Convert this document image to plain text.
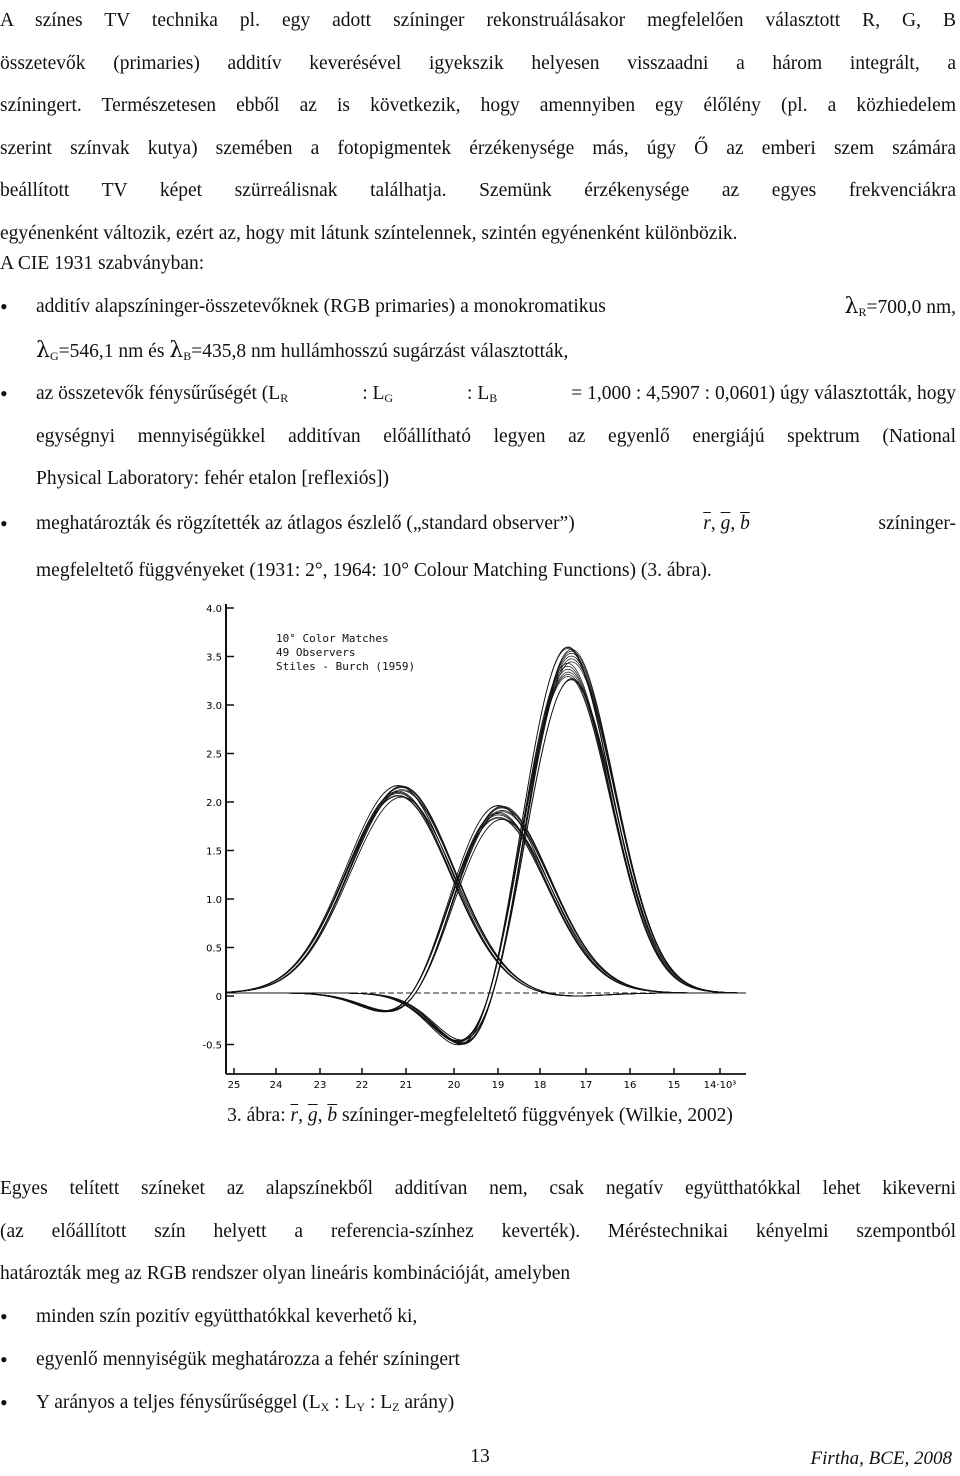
A színes TV technika pl. egy adott színinger rekonstruálásakor megfelelően választott R, G, B
összetevők (primaries) additív keverésével igyekszik helyesen visszaadni a három integrált, a
színingert. Természetesen ebből az is következik, hogy amennyiben egy élőlény (pl. a közhiedelem
szerint színvak kutya) szemében a fotopigmentek érzékenysége más, úgy Ő az emberi szem számára
beállított TV képet szürreálisnak találhatja. Szemünk érzékenysége az egyes frekvenciákra
egyénenként változik, ezért az, hogy mit látunk színtelennek, szintén egyénenként különbözik.
A CIE 1931 szabványban:
• additív alapszíninger-összetevőknek (RGB primaries) a monokromatikus	$\lambda_R=700,0$ nm,
$\lambda_G=546,1$ nm és $\lambda_B=435,8$ nm hullámhosszú sugárzást választották,
• az összetevők fénysűrűségét ($L_R$	: $L_G$	: $L_B$	= 1,000 : 4,5907 : 0,0601) úgy választották, hogy
egységnyi mennyiségükkel additívan előállítható legyen az egyenlő energiájú spektrum (National
Physical Laboratory: fehér etalon [reflexiós])
• meghatározták és rögzítették az átlagos észlelő („standard observer”)	$\overline{r}$, $\overline{g}$, $\overline{b}$	színinger-
megfeleltető függvényeket (1931: 2°, 1964: 10° Colour Matching Functions) (3. ábra).
4.0
3.5
3.0
2.5
2.0
1.5
1.0
0.5
0
-0.5
25	24	23	22	21	20	19	18	17	16	15 14·10³
10° Color Matches
49 Observers
Stiles - Burch (1959)
3. ábra: $\overline{r}$, $\overline{g}$, $\overline{b}$ színinger-megfeleltető függvények (Wilkie, 2002)
Egyes telített színeket az alapszínekből additívan nem, csak negatív együtthatókkal lehet kikeverni
(az előállított szín helyett a referencia-színhez keverték). Méréstechnikai kényelmi szempontból
határozták meg az RGB rendszer olyan lineáris kombinációját, amelyben
• minden szín pozitív együtthatókkal keverhető ki,
• egyenlő mennyiségük meghatározza a fehér színingert
• Y arányos a teljes fénysűrűséggel ($L_X$ : $L_Y$ : $L_Z$ arány)
13	Firtha, BCE, 2008
